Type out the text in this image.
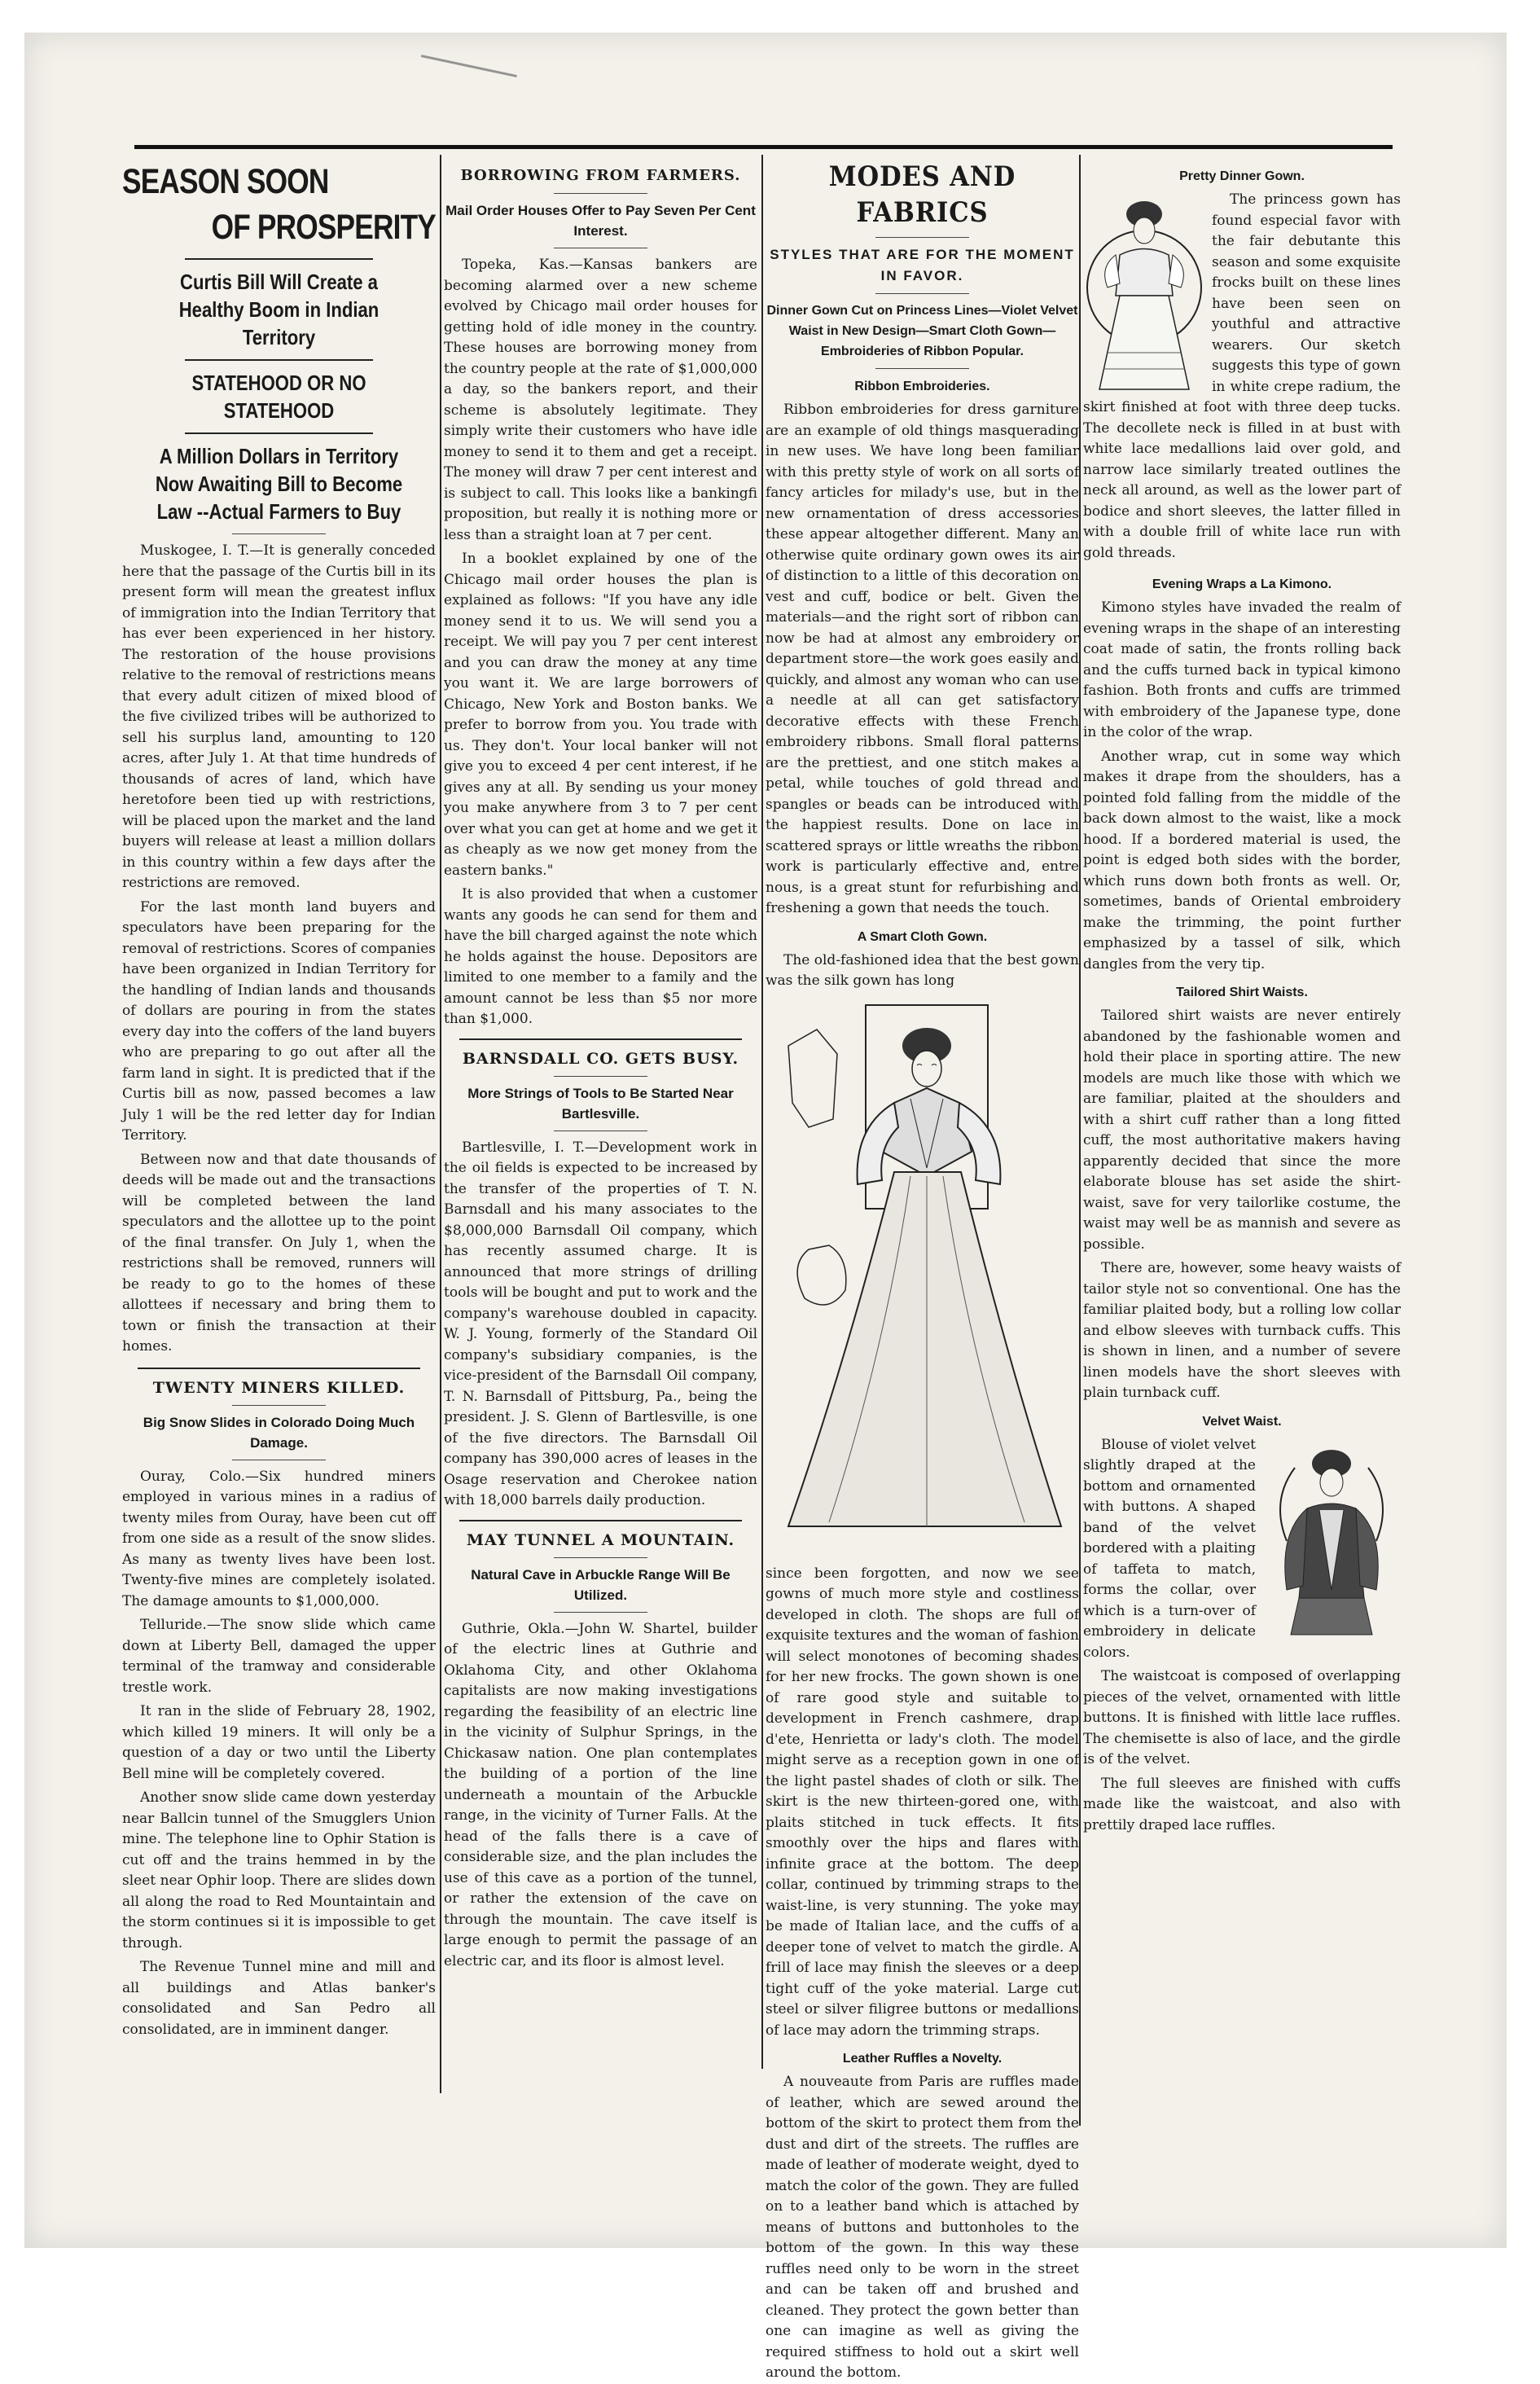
SEASON SOON
OF PROSPERITY
Curtis Bill Will Create a Healthy Boom in Indian Territory
STATEHOOD OR NO STATEHOOD
A Million Dollars in Territory Now Awaiting Bill to Become Law --Actual Farmers to Buy

Muskogee, I. T.—It is generally conceded here that the passage of the Curtis bill in its present form will mean the greatest influx of immigration into the Indian Territory that has ever been experienced in her history. The restoration of the house provisions relative to the removal of restrictions means that every adult citizen of mixed blood of the five civilized tribes will be authorized to sell his surplus land, amounting to 120 acres, after July 1. At that time hundreds of thousands of acres of land, which have heretofore been tied up with restrictions, will be placed upon the market and the land buyers will release at least a million dollars in this country within a few days after the restrictions are removed.

For the last month land buyers and speculators have been preparing for the removal of restrictions. Scores of companies have been organized in Indian Territory for the handling of Indian lands and thousands of dollars are pouring in from the states every day into the coffers of the land buyers who are preparing to go out after all the farm land in sight. It is predicted that if the Curtis bill as now, passed becomes a law July 1 will be the red letter day for Indian Territory.

Between now and that date thousands of deeds will be made out and the transactions will be completed between the land speculators and the allottee up to the point of the final transfer. On July 1, when the restrictions shall be removed, runners will be ready to go to the homes of these allottees if necessary and bring them to town or finish the transaction at their homes.

TWENTY MINERS KILLED.
Big Snow Slides in Colorado Doing Much Damage.

Ouray, Colo.—Six hundred miners employed in various mines in a radius of twenty miles from Ouray, have been cut off from one side as a result of the snow slides. As many as twenty lives have been lost. Twenty-five mines are completely isolated. The damage amounts to $1,000,000.

Telluride.—The snow slide which came down at Liberty Bell, damaged the upper terminal of the tramway and considerable trestle work.

It ran in the slide of February 28, 1902, which killed 19 miners. It will only be a question of a day or two until the Liberty Bell mine will be completely covered.

Another snow slide came down yesterday near Ballcin tunnel of the Smugglers Union mine. The telephone line to Ophir Station is cut off and the trains hemmed in by the sleet near Ophir loop. There are slides down all along the road to Red Mountaintain and the storm continues si it is impossible to get through.

The Revenue Tunnel mine and mill and all buildings and Atlas banker's consolidated and San Pedro all consolidated, are in imminent danger.

BORROWING FROM FARMERS.
Mail Order Houses Offer to Pay Seven Per Cent Interest.

Topeka, Kas.—Kansas bankers are becoming alarmed over a new scheme evolved by Chicago mail order houses for getting hold of idle money in the country. These houses are borrowing money from the country people at the rate of $1,000,000 a day, so the bankers report, and their scheme is absolutely legitimate. They simply write their customers who have idle money to send it to them and get a receipt. The money will draw 7 per cent interest and is subject to call. This looks like a bankingfi proposition, but really it is nothing more or less than a straight loan at 7 per cent.

In a booklet explained by one of the Chicago mail order houses the plan is explained as follows: "If you have any idle money send it to us. We will send you a receipt. We will pay you 7 per cent interest and you can draw the money at any time you want it. We are large borrowers of Chicago, New York and Boston banks. We prefer to borrow from you. You trade with us. They don't. Your local banker will not give you to exceed 4 per cent interest, if he gives any at all. By sending us your money you make anywhere from 3 to 7 per cent over what you can get at home and we get it as cheaply as we now get money from the eastern banks."

It is also provided that when a customer wants any goods he can send for them and have the bill charged against the note which he holds against the house. Depositors are limited to one member to a family and the amount cannot be less than $5 nor more than $1,000.

BARNSDALL CO. GETS BUSY.
More Strings of Tools to Be Started Near Bartlesville.

Bartlesville, I. T.—Development work in the oil fields is expected to be increased by the transfer of the properties of T. N. Barnsdall and his many associates to the $8,000,000 Barnsdall Oil company, which has recently assumed charge. It is announced that more strings of drilling tools will be bought and put to work and the company's warehouse doubled in capacity. W. J. Young, formerly of the Standard Oil company's subsidiary companies, is the vice-president of the Barnsdall Oil company, T. N. Barnsdall of Pittsburg, Pa., being the president. J. S. Glenn of Bartlesville, is one of the five directors. The Barnsdall Oil company has 390,000 acres of leases in the Osage reservation and Cherokee nation with 18,000 barrels daily production.

MAY TUNNEL A MOUNTAIN.
Natural Cave in Arbuckle Range Will Be Utilized.

Guthrie, Okla.—John W. Shartel, builder of the electric lines at Guthrie and Oklahoma City, and other Oklahoma capitalists are now making investigations regarding the feasibility of an electric line in the vicinity of Sulphur Springs, in the Chickasaw nation. One plan contemplates the building of a portion of the line underneath a mountain of the Arbuckle range, in the vicinity of Turner Falls. At the head of the falls there is a cave of considerable size, and the plan includes the use of this cave as a portion of the tunnel, or rather the extension of the cave on through the mountain. The cave itself is large enough to permit the passage of an electric car, and its floor is almost level.

MODES AND FABRICS
STYLES THAT ARE FOR THE MOMENT IN FAVOR.
Dinner Gown Cut on Princess Lines—Violet Velvet Waist in New Design—Smart Cloth Gown—Embroideries of Ribbon Popular.
Ribbon Embroideries.

Ribbon embroideries for dress garniture are an example of old things masquerading in new uses. We have long been familiar with this pretty style of work on all sorts of fancy articles for milady's use, but in the new ornamentation of dress accessories these appear altogether different. Many an otherwise quite ordinary gown owes its air of distinction to a little of this decoration on vest and cuff, bodice or belt. Given the materials—and the right sort of ribbon can now be had at almost any embroidery or department store—the work goes easily and quickly, and almost any woman who can use a needle at all can get satisfactory decorative effects with these French embroidery ribbons. Small floral patterns are the prettiest, and one stitch makes a petal, while touches of gold thread and spangles or beads can be introduced with the happiest results. Done on lace in scattered sprays or little wreaths the ribbon work is particularly effective and, entre nous, is a great stunt for refurbishing and freshening a gown that needs the touch.

A Smart Cloth Gown.

The old-fashioned idea that the best gown was the silk gown has long

since been forgotten, and now we see gowns of much more style and costliness developed in cloth. The shops are full of exquisite textures and the woman of fashion will select monotones of becoming shades for her new frocks. The gown shown is one of rare good style and suitable to development in French cashmere, drap d'ete, Henrietta or lady's cloth. The model might serve as a reception gown in one of the light pastel shades of cloth or silk. The skirt is the new thirteen-gored one, with plaits stitched in tuck effects. It fits smoothly over the hips and flares with infinite grace at the bottom. The deep collar, continued by trimming straps to the waist-line, is very stunning. The yoke may be made of Italian lace, and the cuffs of a deeper tone of velvet to match the girdle. A frill of lace may finish the sleeves or a deep tight cuff of the yoke material. Large cut steel or silver filigree buttons or medallions of lace may adorn the trimming straps.

Leather Ruffles a Novelty.

A nouveaute from Paris are ruffles made of leather, which are sewed around the bottom of the skirt to protect them from the dust and dirt of the streets. The ruffles are made of leather of moderate weight, dyed to match the color of the gown. They are fulled on to a leather band which is attached by means of buttons and buttonholes to the bottom of the gown. In this way these ruffles need only to be worn in the street and can be taken off and brushed and cleaned. They protect the gown better than one can imagine as well as giving the required stiffness to hold out a skirt well around the bottom.

Pretty Dinner Gown.

The princess gown has found especial favor with the fair debutante this season and some exquisite frocks built on these lines have been seen on youthful and attractive wearers. Our sketch suggests this type of gown in white crepe radium, the skirt finished at foot with three deep tucks. The decollete neck is filled in at bust with white lace medallions laid over gold, and narrow lace similarly treated outlines the neck all around, as well as the lower part of bodice and short sleeves, the latter filled in with a double frill of white lace run with gold threads.

Evening Wraps a La Kimono.

Kimono styles have invaded the realm of evening wraps in the shape of an interesting coat made of satin, the fronts rolling back and the cuffs turned back in typical kimono fashion. Both fronts and cuffs are trimmed with embroidery of the Japanese type, done in the color of the wrap.

Another wrap, cut in some way which makes it drape from the shoulders, has a pointed fold falling from the middle of the back down almost to the waist, like a mock hood. If a bordered material is used, the point is edged both sides with the border, which runs down both fronts as well. Or, sometimes, bands of Oriental embroidery make the trimming, the point further emphasized by a tassel of silk, which dangles from the very tip.

Tailored Shirt Waists.

Tailored shirt waists are never entirely abandoned by the fashionable women and hold their place in sporting attire. The new models are much like those with which we are familiar, plaited at the shoulders and with a shirt cuff rather than a long fitted cuff, the most authoritative makers having apparently decided that since the more elaborate blouse has set aside the shirt-waist, save for very tailorlike costume, the waist may well be as mannish and severe as possible.

There are, however, some heavy waists of tailor style not so conventional. One has the familiar plaited body, but a rolling low collar and elbow sleeves with turnback cuffs. This is shown in linen, and a number of severe linen models have the short sleeves with plain turnback cuff.

Velvet Waist.

Blouse of violet velvet slightly draped at the bottom and ornamented with buttons. A shaped band of the velvet bordered with a plaiting of taffeta to match, forms the collar, over which is a turn-over of embroidery in delicate colors.

The waistcoat is composed of overlapping pieces of the velvet, ornamented with little buttons. It is finished with little lace ruffles. The chemisette is also of lace, and the girdle is of the velvet.

The full sleeves are finished with cuffs made like the waistcoat, and also with prettily draped lace ruffles.
